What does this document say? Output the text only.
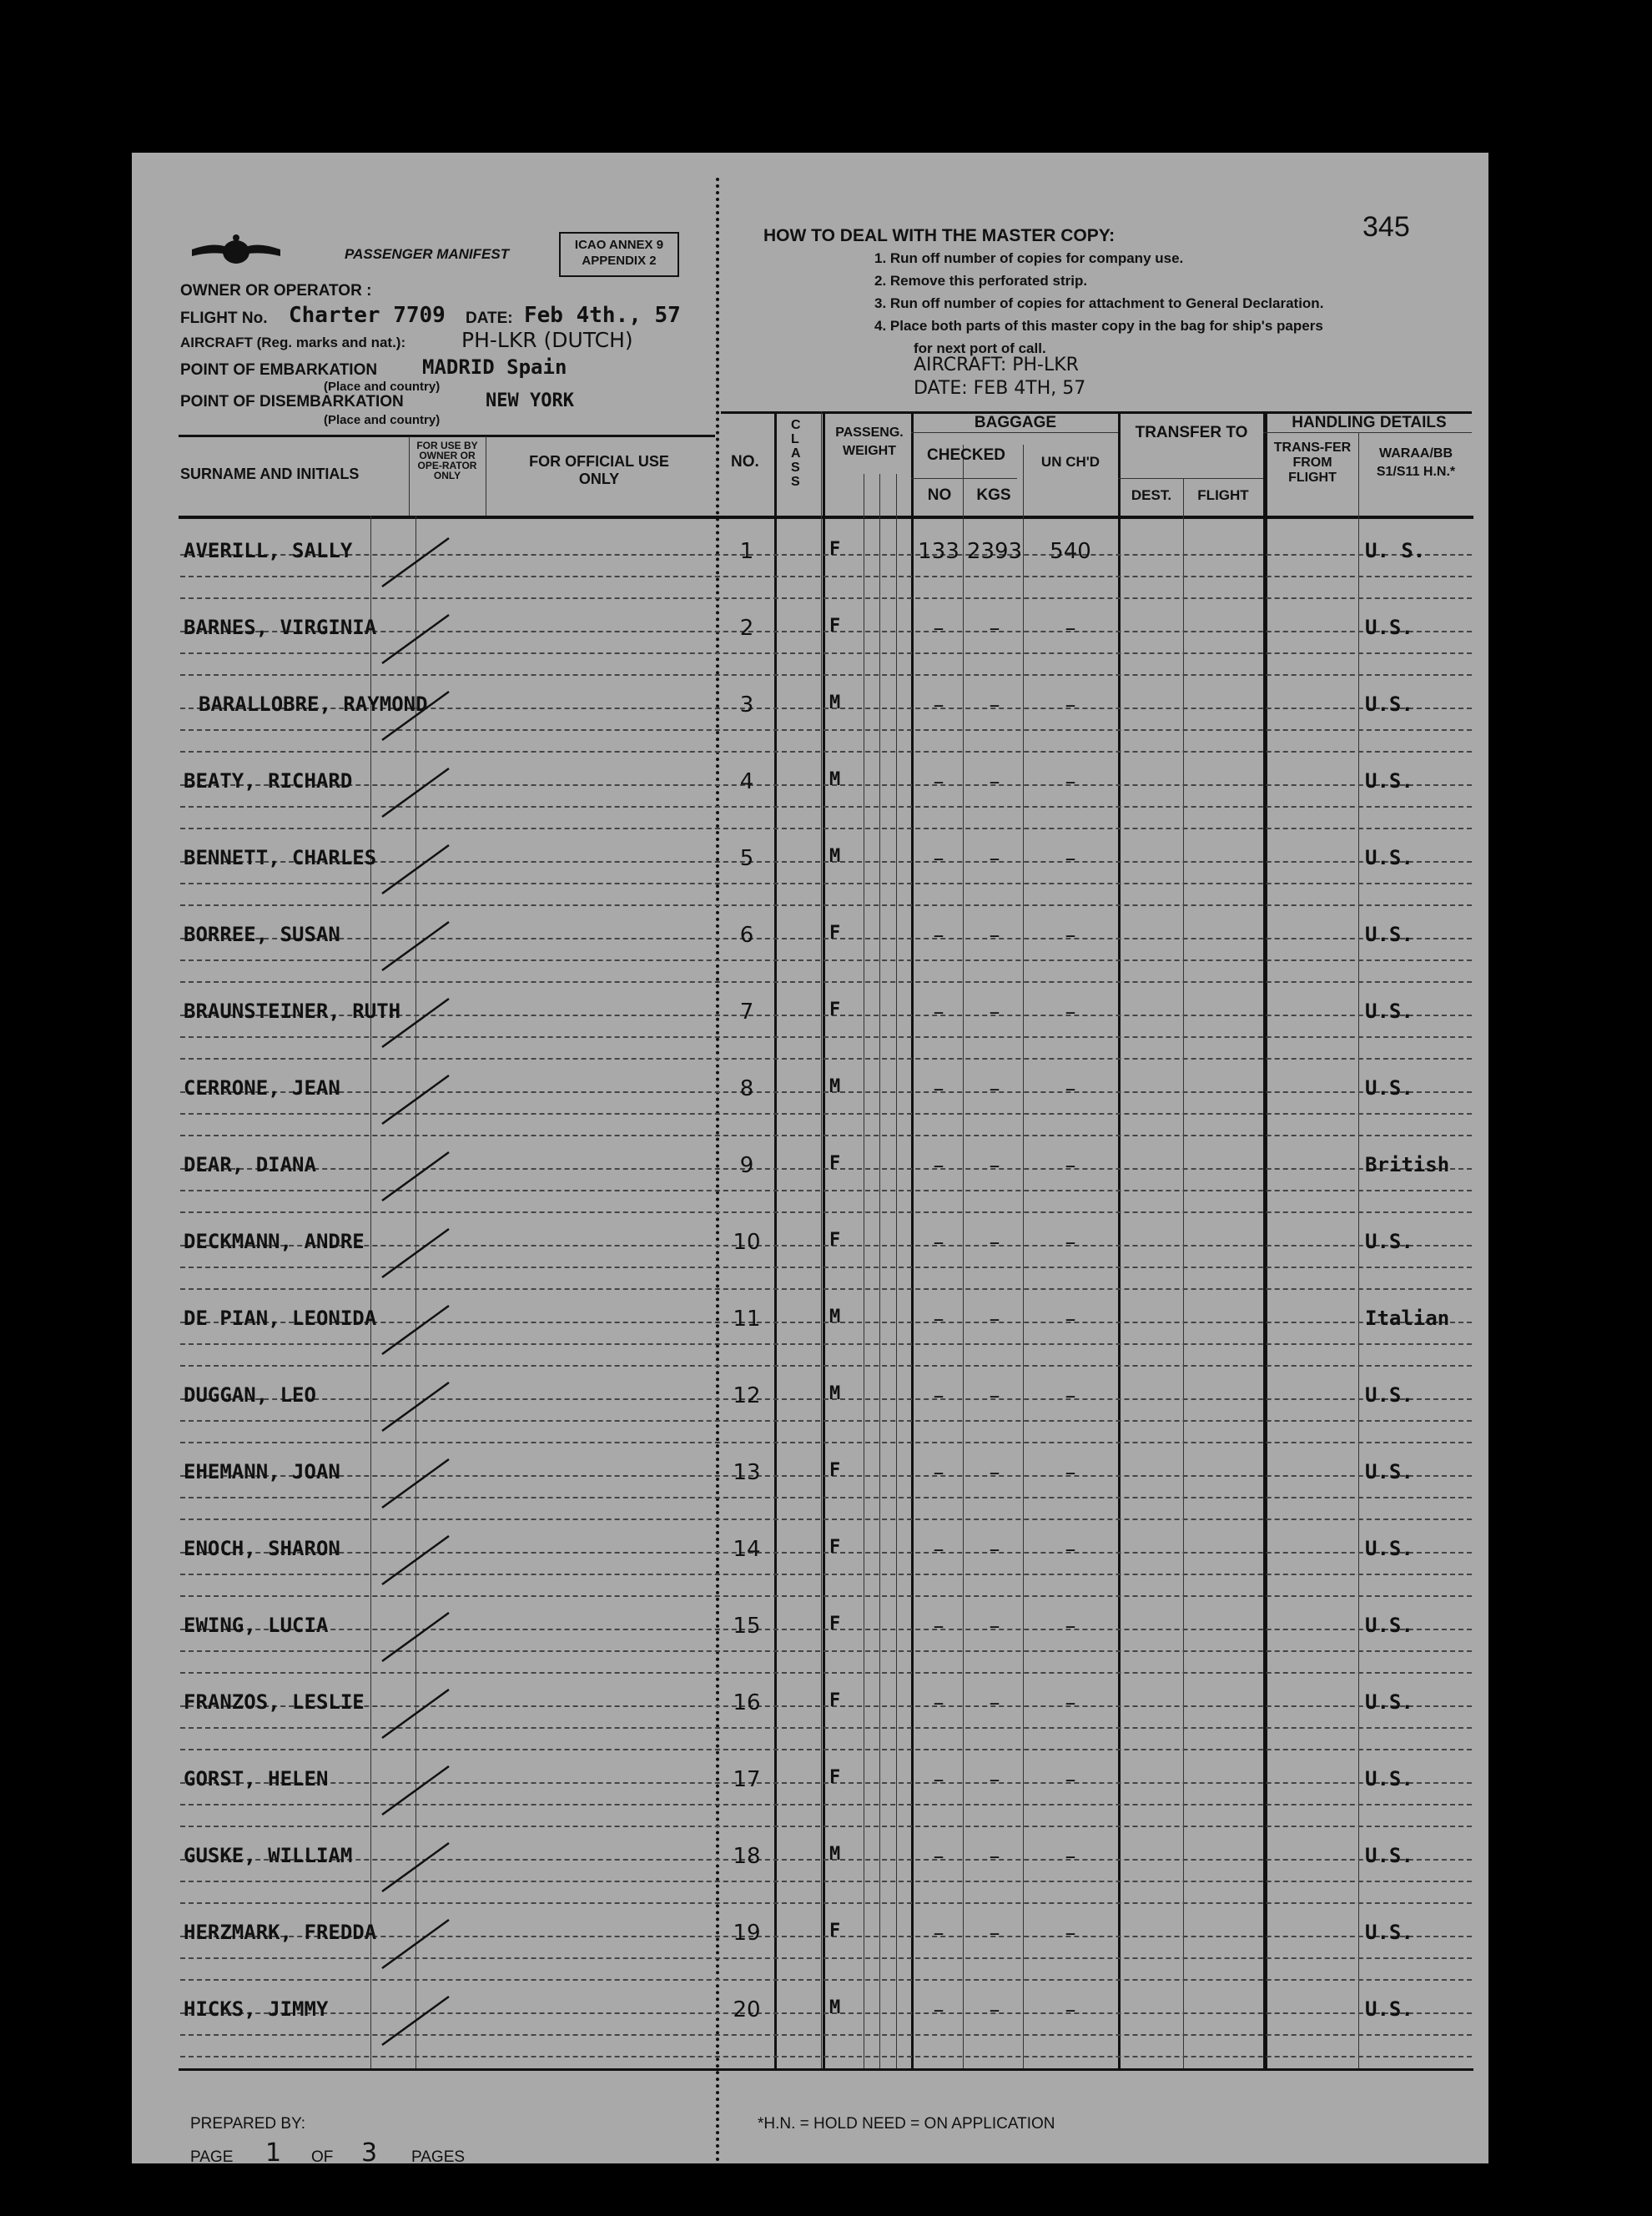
PASSENGER MANIFEST
ICAO ANNEX 9
APPENDIX 2
OWNER OR OPERATOR :
FLIGHT No. Charter 7709 DATE: Feb 4th., 57
AIRCRAFT (Reg. marks and nat.):	PH-LKR (DUTCH)
POINT OF EMBARKATION MADRID Spain
(Place and country)
POINT OF DISEMBARKATION	NEW YORK
(Place and country)
HOW TO DEAL WITH THE MASTER COPY:	345
1. Run off number of copies for company use.
2. Remove this perforated strip.
3. Run off number of copies for attachment to General Declaration.
4. Place both parts of this master copy in the bag for ship's papers
for next port of call.
AIRCRAFT: PH-LKR
DATE: FEB 4TH, 57
SURNAME AND INITIALS
FOR USE BY OWNER OR OPE-RATOR ONLY
FOR OFFICIAL USE ONLY
NO.
CLASS
PASSENG. WEIGHT
BAGGAGE
CHECKED	UN CH'D
NO	KGS
TRANSFER TO
DEST.	FLIGHT
HANDLING DETAILS
TRANS-FER FROM FLIGHT
WARAA/BB S1/S11 H.N.*
AVERILL, SALLY	1	F	133 2393	540	U. S.
BARNES, VIRGINIA	2	F	–	–	–	U.S.
BARALLOBRE, RAYMOND	3	M	–	–	–	U.S.
BEATY, RICHARD	4	M	–	–	–	U.S.
BENNETT, CHARLES	5	M	–	–	–	U.S.
BORREE, SUSAN	6	F	–	–	–	U.S.
BRAUNSTEINER, RUTH	7	F	–	–	–	U.S.
CERRONE, JEAN	8	M	–	–	–	U.S.
DEAR, DIANA	9	F	–	–	–	British
DECKMANN, ANDRE	10	F	–	–	–	U.S.
DE PIAN, LEONIDA	11	M	–	–	–	Italian
DUGGAN, LEO	12	M	–	–	–	U.S.
EHEMANN, JOAN	13	F	–	–	–	U.S.
ENOCH, SHARON	14	F	–	–	–	U.S.
EWING, LUCIA	15	F	–	–	–	U.S.
FRANZOS, LESLIE	16	F	–	–	–	U.S.
GORST, HELEN	17	F	–	–	–	U.S.
GUSKE, WILLIAM	18	M	–	–	–	U.S.
HERZMARK, FREDDA	19	F	–	–	–	U.S.
HICKS, JIMMY	20	M	–	–	–	U.S.
PREPARED BY:
PAGE 1 OF 3 PAGES
*H.N. = HOLD NEED = ON APPLICATION
